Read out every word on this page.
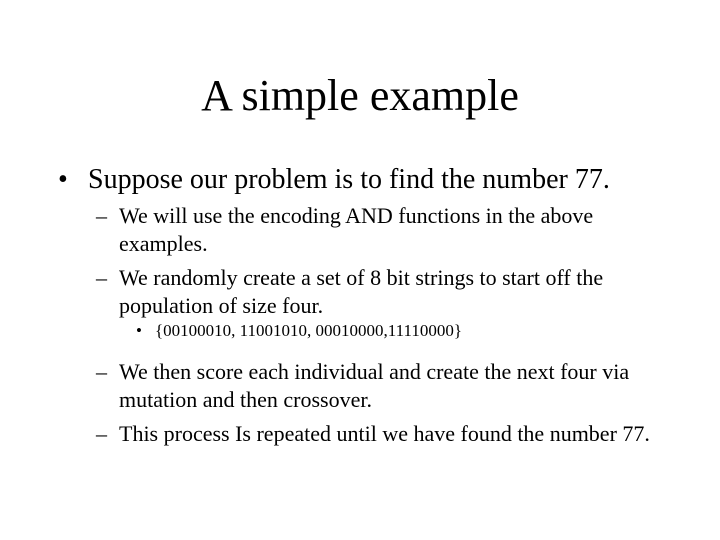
A simple example
• Suppose our problem is to find the number 77.
– We will use the encoding AND functions in the above examples.
– We randomly create a set of 8 bit strings to start off the population of size four.
• {00100010, 11001010, 00010000,11110000}
– We then score each individual and create the next four via mutation and then crossover.
– This process Is repeated until we have found the number 77.
